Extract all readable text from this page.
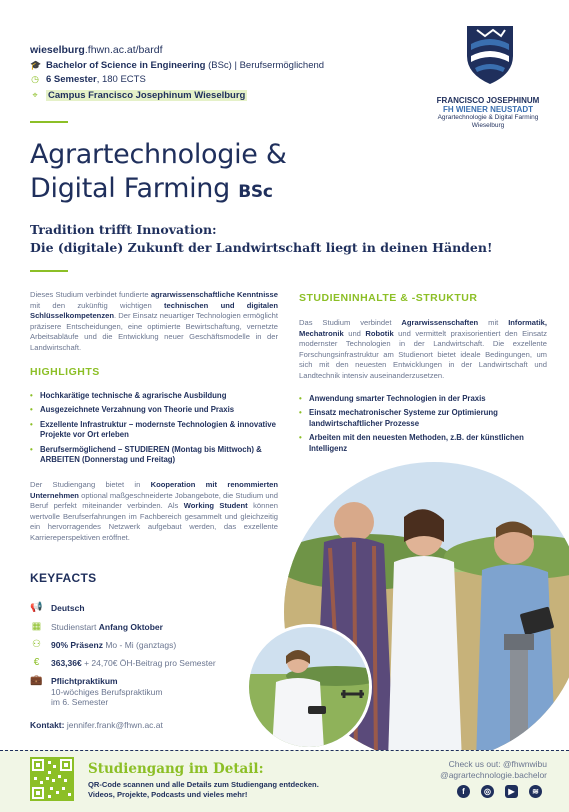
wieselburg.fhwn.ac.at/bardf
🎓 Bachelor of Science in Engineering (BSc) | Berufsermöglichend
◷ 6 Semester, 180 ECTS
⌖ Campus Francisco Josephinum Wieselburg	FRANCISCO JOSEPHINUM
FH WIENER NEUSTADT
Agrartechnologie & Digital Farming
Wieselburg
Agrartechnologie &
Digital Farming BSc
Tradition trifft Innovation:
Die (digitale) Zukunft der Landwirtschaft liegt in deinen Händen!
Dieses Studium verbindet fundierte agrarwissenschaftliche Kenntnisse mit den zukünftig wichtigen technischen und digitalen Schlüsselkompetenzen. Der Einsatz neuartiger Technologien ermöglicht präzisere Entscheidungen, eine optimierte Bewirtschaftung, vernetzte Arbeitsabläufe und die Entwicklung neuer Geschäftsmodelle in der Landwirtschaft.
HIGHLIGHTS
• Hochkarätige technische & agrarische Ausbildung
• Ausgezeichnete Verzahnung von Theorie und Praxis
• Exzellente Infrastruktur – modernste Technologien & innovative Projekte vor Ort erleben
• Berufsermöglichend – STUDIEREN (Montag bis Mittwoch) & ARBEITEN (Donnerstag und Freitag)
Der Studiengang bietet in Kooperation mit renommierten Unternehmen optional maßgeschneiderte Jobangebote, die Studium und Beruf perfekt miteinander verbinden. Als Working Student können wertvolle Berufserfahrungen im Fachbereich gesammelt und gleichzeitig ein hervorragendes Netzwerk aufgebaut werden, das exzellente Karriereperspektiven eröffnet.
STUDIENINHALTE & -STRUKTUR
Das Studium verbindet Agrarwissenschaften mit Informatik, Mechatronik und Robotik und vermittelt praxisorientiert den Einsatz modernster Technologien in der Landwirtschaft. Die exzellente Forschungsinfrastruktur am Studienort bietet ideale Bedingungen, um sich mit den neuesten Entwicklungen in der Landwirtschaft und Landtechnik intensiv auseinanderzusetzen.
• Anwendung smarter Technologien in der Praxis
• Einsatz mechatronischer Systeme zur Optimierung landwirtschaftlicher Prozesse
• Arbeiten mit den neuesten Methoden, z.B. der künstlichen Intelligenz
KEYFACTS
📢 Deutsch
▦ Studienstart Anfang Oktober
⚇ 90% Präsenz Mo - Mi (ganztags)
€	363,36€ + 24,70€ ÖH-Beitrag pro Semester
💼 Pflichtpraktikum
10-wöchiges Berufspraktikum
im 6. Semester
Kontakt: jennifer.frank@fhwn.ac.at
Studiengang im Detail:
QR-Code scannen und alle Details zum Studiengang entdecken.
Videos, Projekte, Podcasts und vieles mehr!
Check us out: @fhwnwibu
@agrartechnologie.bachelor
f	◎	▶	≋
